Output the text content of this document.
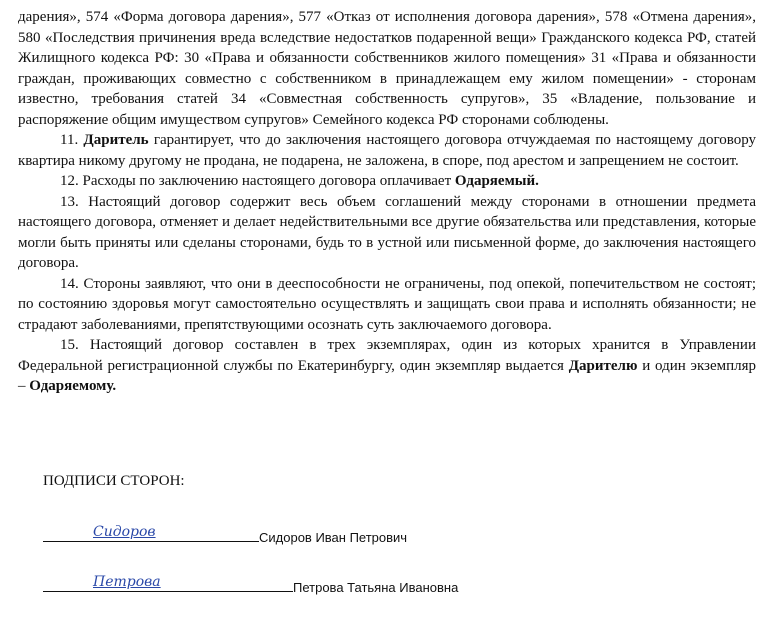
дарения», 574 «Форма договора дарения», 577 «Отказ от исполнения договора дарения», 578 «Отмена дарения», 580 «Последствия причинения вреда вследствие недостатков подаренной вещи» Гражданского кодекса РФ, статей Жилищного кодекса РФ: 30 «Права и обязанности собственников жилого помещения» 31 «Права и обязанности граждан, проживающих совместно с собственником в принадлежащем ему жилом помещении» - сторонам известно, требования статей 34 «Совместная собственность супругов», 35 «Владение, пользование и распоряжение общим имуществом супругов» Семейного кодекса РФ сторонами соблюдены.

11. Даритель гарантирует, что до заключения настоящего договора отчуждаемая по настоящему договору квартира никому другому не продана, не подарена, не заложена, в споре, под арестом и запрещением не состоит.

12. Расходы по заключению настоящего договора оплачивает Одаряемый.

13. Настоящий договор содержит весь объем соглашений между сторонами в отношении предмета настоящего договора, отменяет и делает недействительными все другие обязательства или представления, которые могли быть приняты или сделаны сторонами, будь то в устной или письменной форме, до заключения настоящего договора.

14. Стороны заявляют, что они в дееспособности не ограничены, под опекой, попечительством не состоят; по состоянию здоровья могут самостоятельно осуществлять и защищать свои права и исполнять обязанности; не страдают заболеваниями, препятствующими осознать суть заключаемого договора.

15. Настоящий договор составлен в трех экземплярах, один из которых хранится в Управлении Федеральной регистрационной службы по Екатеринбургу, один экземпляр выдается Дарителю и один экземпляр – Одаряемому.

ПОДПИСИ СТОРОН:
Сидоров	Сидоров Иван Петрович
Петрова	Петрова Татьяна Ивановна
